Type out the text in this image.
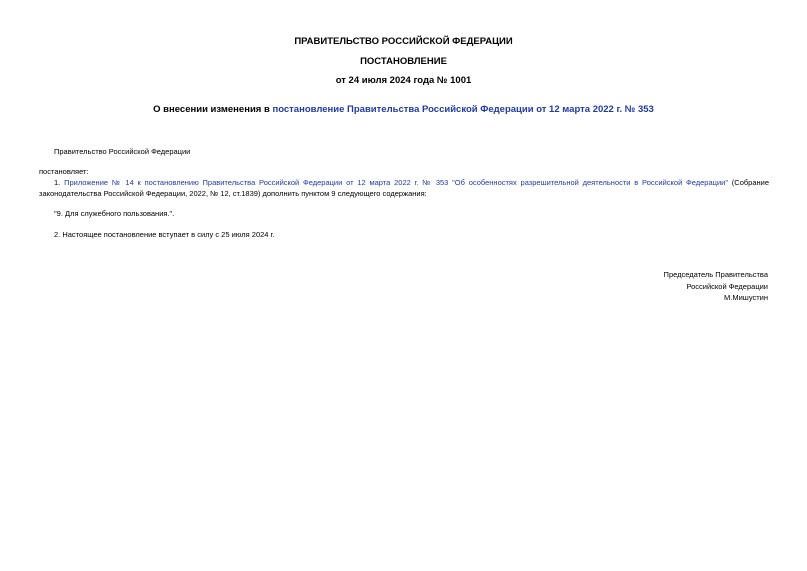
ПРАВИТЕЛЬСТВО РОССИЙСКОЙ ФЕДЕРАЦИИ
ПОСТАНОВЛЕНИЕ
от 24 июля 2024 года № 1001
О внесении изменения в постановление Правительства Российской Федерации от 12 марта 2022 г. № 353
Правительство Российской Федерации
постановляет:
1. Приложение № 14 к постановлению Правительства Российской Федерации от 12 марта 2022 г. № 353 "Об особенностях разрешительной деятельности в Российской Федерации" (Собрание законодательства Российской Федерации, 2022, № 12, ст.1839) дополнить пунктом 9 следующего содержания:
"9. Для служебного пользования.".
2. Настоящее постановление вступает в силу с 25 июля 2024 г.
Председатель Правительства
Российской Федерации
М.Мишустин
